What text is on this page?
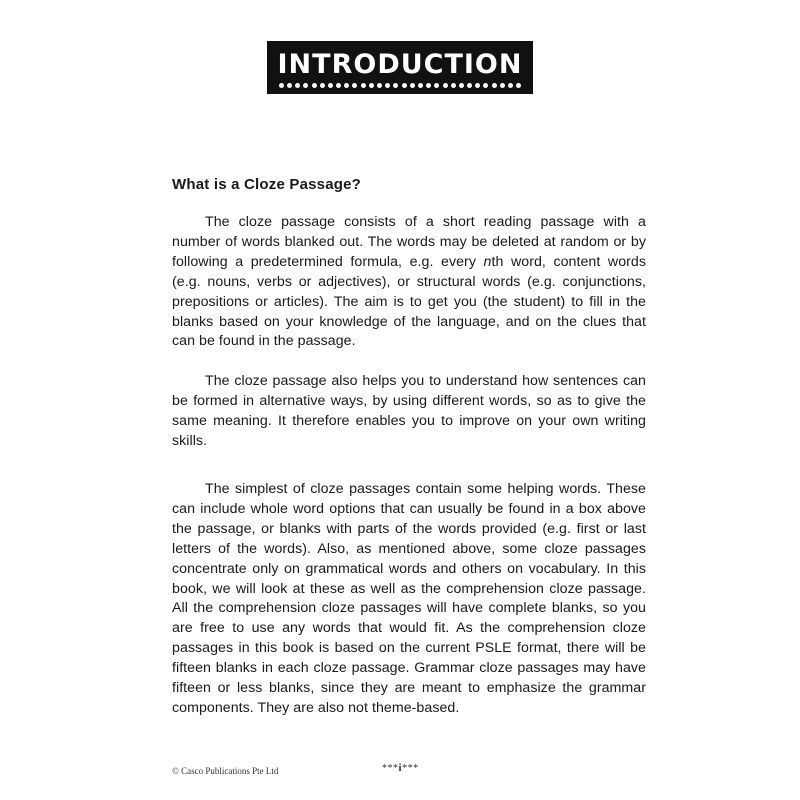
INTRODUCTION
What is a Cloze Passage?

The cloze passage consists of a short reading passage with a number of words blanked out. The words may be deleted at random or by following a predetermined formula, e.g. every nth word, content words (e.g. nouns, verbs or adjectives), or structural words (e.g. conjunctions, prepositions or articles). The aim is to get you (the student) to fill in the blanks based on your knowledge of the language, and on the clues that can be found in the passage.

The cloze passage also helps you to understand how sentences can be formed in alternative ways, by using different words, so as to give the same meaning. It therefore enables you to improve on your own writing skills.

The simplest of cloze passages contain some helping words. These can include whole word options that can usually be found in a box above the passage, or blanks with parts of the words provided (e.g. first or last letters of the words). Also, as mentioned above, some cloze passages concentrate only on grammatical words and others on vocabulary. In this book, we will look at these as well as the comprehension cloze passage. All the comprehension cloze passages will have complete blanks, so you are free to use any words that would fit. As the comprehension cloze passages in this book is based on the current PSLE format, there will be fifteen blanks in each cloze passage. Grammar cloze passages may have fifteen or less blanks, since they are meant to emphasize the grammar components. They are also not theme-based.

© Casco Publications Pte Ltd	***i***
